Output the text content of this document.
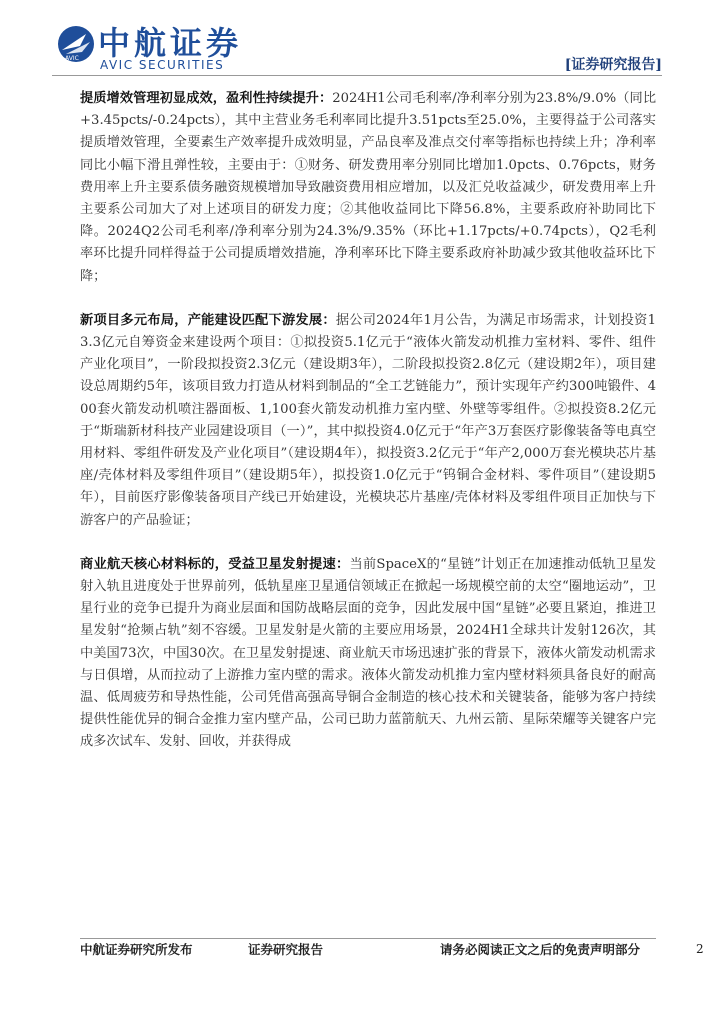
AVIC 中航证券
AVIC SECURITIES	[证券研究报告]

提质增效管理初显成效，盈利性持续提升：2024H1公司毛利率/净利率分别为23.8%/9.0%（同比+3.45pcts/-0.24pcts），其中主营业务毛利率同比提升3.51pcts至25.0%，主要得益于公司落实提质增效管理，全要素生产效率提升成效明显，产品良率及准点交付率等指标也持续上升；净利率同比小幅下滑且弹性较，主要由于：①财务、研发费用率分别同比增加1.0pcts、0.76pcts，财务费用率上升主要系债务融资规模增加导致融资费用相应增加，以及汇兑收益减少，研发费用率上升主要系公司加大了对上述项目的研发力度；②其他收益同比下降56.8%，主要系政府补助同比下降。2024Q2公司毛利率/净利率分别为24.3%/9.35%（环比+1.17pcts/+0.74pcts），Q2毛利率环比提升同样得益于公司提质增效措施，净利率环比下降主要系政府补助减少致其他收益环比下降；

新项目多元布局，产能建设匹配下游发展：据公司2024年1月公告，为满足市场需求，计划投资13.3亿元自筹资金来建设两个项目：①拟投资5.1亿元于“液体火箭发动机推力室材料、零件、组件产业化项目”，一阶段拟投资2.3亿元（建设期3年），二阶段拟投资2.8亿元（建设期2年），项目建设总周期约5年，该项目致力打造从材料到制品的“全工艺链能力”，预计实现年产约300吨锻件、400套火箭发动机喷注器面板、1,100套火箭发动机推力室内壁、外壁等零组件。②拟投资8.2亿元于“斯瑞新材科技产业园建设项目（一）”，其中拟投资4.0亿元于“年产3万套医疗影像装备等电真空用材料、零组件研发及产业化项目”（建设期4年），拟投资3.2亿元于“年产2,000万套光模块芯片基座/壳体材料及零组件项目”（建设期5年），拟投资1.0亿元于“钨铜合金材料、零件项目”（建设期5年），目前医疗影像装备项目产线已开始建设，光模块芯片基座/壳体材料及零组件项目正加快与下游客户的产品验证；

商业航天核心材料标的，受益卫星发射提速：当前SpaceX的“星链”计划正在加速推动低轨卫星发射入轨且进度处于世界前列，低轨星座卫星通信领域正在掀起一场规模空前的太空“圈地运动”，卫星行业的竞争已提升为商业层面和国防战略层面的竞争，因此发展中国“星链”必要且紧迫，推进卫星发射“抢频占轨”刻不容缓。卫星发射是火箭的主要应用场景，2024H1全球共计发射126次，其中美国73次，中国30次。在卫星发射提速、商业航天市场迅速扩张的背景下，液体火箭发动机需求与日俱增，从而拉动了上游推力室内壁的需求。液体火箭发动机推力室内壁材料须具备良好的耐高温、低周疲劳和导热性能，公司凭借高强高导铜合金制造的核心技术和关键装备，能够为客户持续提供性能优异的铜合金推力室内壁产品，公司已助力蓝箭航天、九州云箭、星际荣耀等关键客户完成多次试车、发射、回收，并获得成

中航证券研究所发布	证券研究报告	请务必阅读正文之后的免责声明部分	2
